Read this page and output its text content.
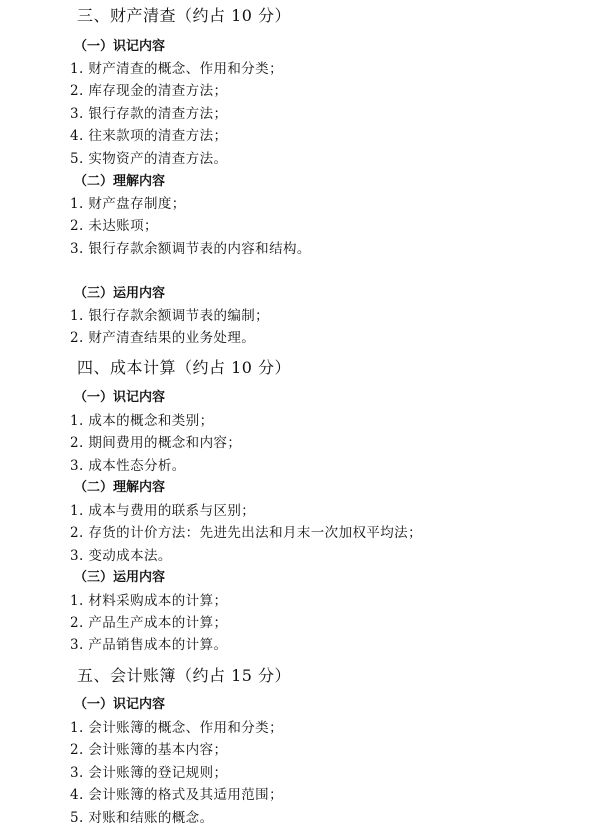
三、财产清查（约占 10 分）
（一）识记内容
1. 财产清查的概念、作用和分类；
2. 库存现金的清查方法；
3. 银行存款的清查方法；
4. 往来款项的清查方法；
5. 实物资产的清查方法。
（二）理解内容
1. 财产盘存制度；
2. 未达账项；
3. 银行存款余额调节表的内容和结构。
（三）运用内容
1. 银行存款余额调节表的编制；
2. 财产清查结果的业务处理。
四、成本计算（约占 10 分）
（一）识记内容
1. 成本的概念和类别；
2. 期间费用的概念和内容；
3. 成本性态分析。
（二）理解内容
1. 成本与费用的联系与区别；
2. 存货的计价方法：先进先出法和月末一次加权平均法；
3. 变动成本法。
（三）运用内容
1. 材料采购成本的计算；
2. 产品生产成本的计算；
3. 产品销售成本的计算。
五、会计账簿（约占 15 分）
（一）识记内容
1. 会计账簿的概念、作用和分类；
2. 会计账簿的基本内容；
3. 会计账簿的登记规则；
4. 会计账簿的格式及其适用范围；
5. 对账和结账的概念。
